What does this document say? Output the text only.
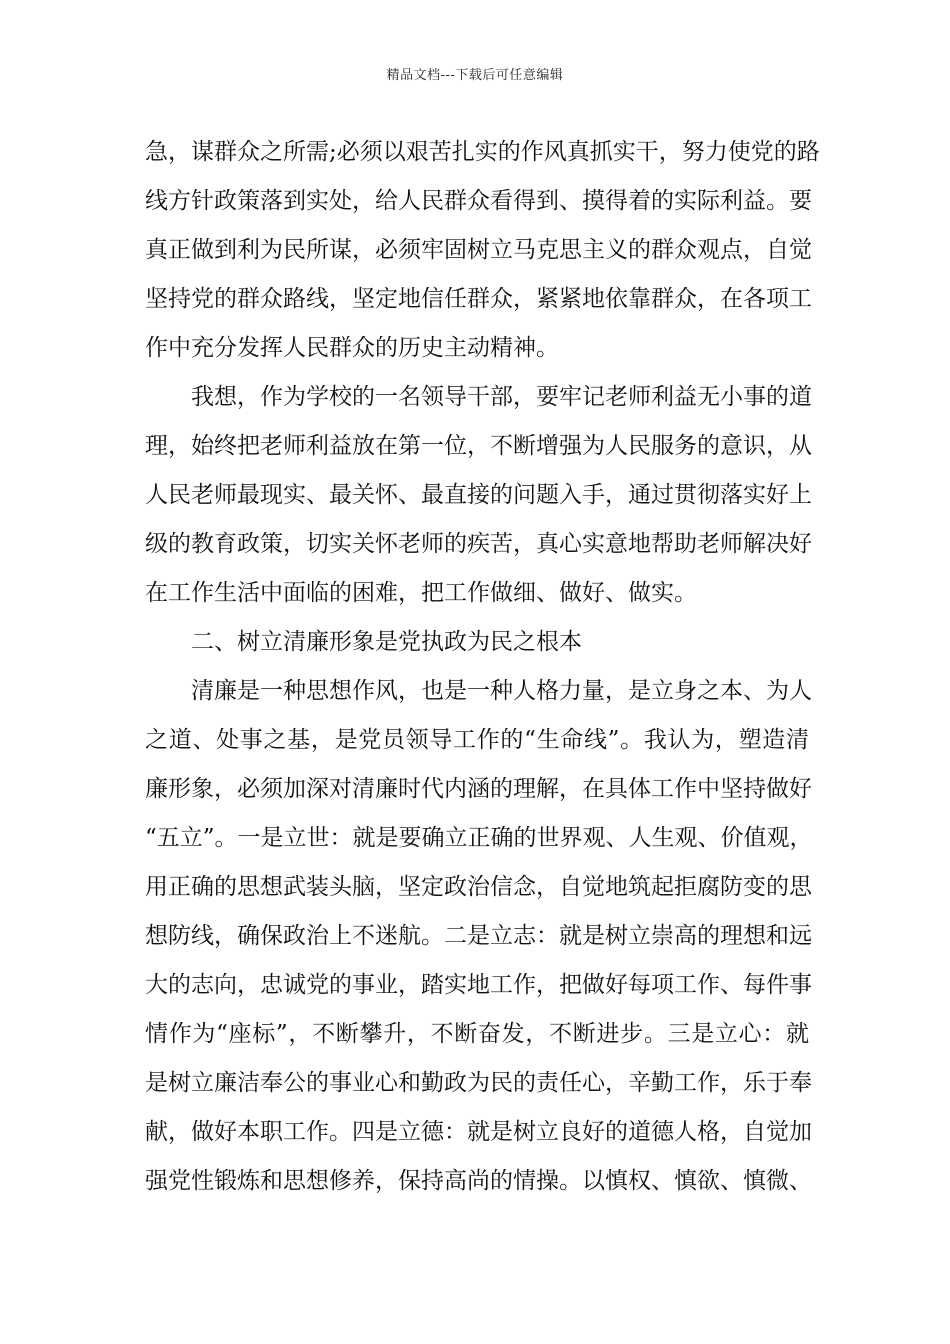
精品文档---下载后可任意编辑
急，谋群众之所需;必须以艰苦扎实的作风真抓实干，努力使党的路
线方针政策落到实处，给人民群众看得到、摸得着的实际利益。要
真正做到利为民所谋，必须牢固树立马克思主义的群众观点，自觉
坚持党的群众路线，坚定地信任群众，紧紧地依靠群众，在各项工
作中充分发挥人民群众的历史主动精神。
我想，作为学校的一名领导干部，要牢记老师利益无小事的道
理，始终把老师利益放在第一位，不断增强为人民服务的意识，从
人民老师最现实、最关怀、最直接的问题入手，通过贯彻落实好上
级的教育政策，切实关怀老师的疾苦，真心实意地帮助老师解决好
在工作生活中面临的困难，把工作做细、做好、做实。
二、树立清廉形象是党执政为民之根本
清廉是一种思想作风，也是一种人格力量，是立身之本、为人
之道、处事之基，是党员领导工作的“生命线”。我认为，塑造清
廉形象，必须加深对清廉时代内涵的理解，在具体工作中坚持做好
“五立”。一是立世：就是要确立正确的世界观、人生观、价值观，
用正确的思想武装头脑，坚定政治信念，自觉地筑起拒腐防变的思
想防线，确保政治上不迷航。二是立志：就是树立崇高的理想和远
大的志向，忠诚党的事业，踏实地工作，把做好每项工作、每件事
情作为“座标”，不断攀升，不断奋发，不断进步。三是立心：就
是树立廉洁奉公的事业心和勤政为民的责任心，辛勤工作，乐于奉
献，做好本职工作。四是立德：就是树立良好的道德人格，自觉加
强党性锻炼和思想修养，保持高尚的情操。以慎权、慎欲、慎微、
